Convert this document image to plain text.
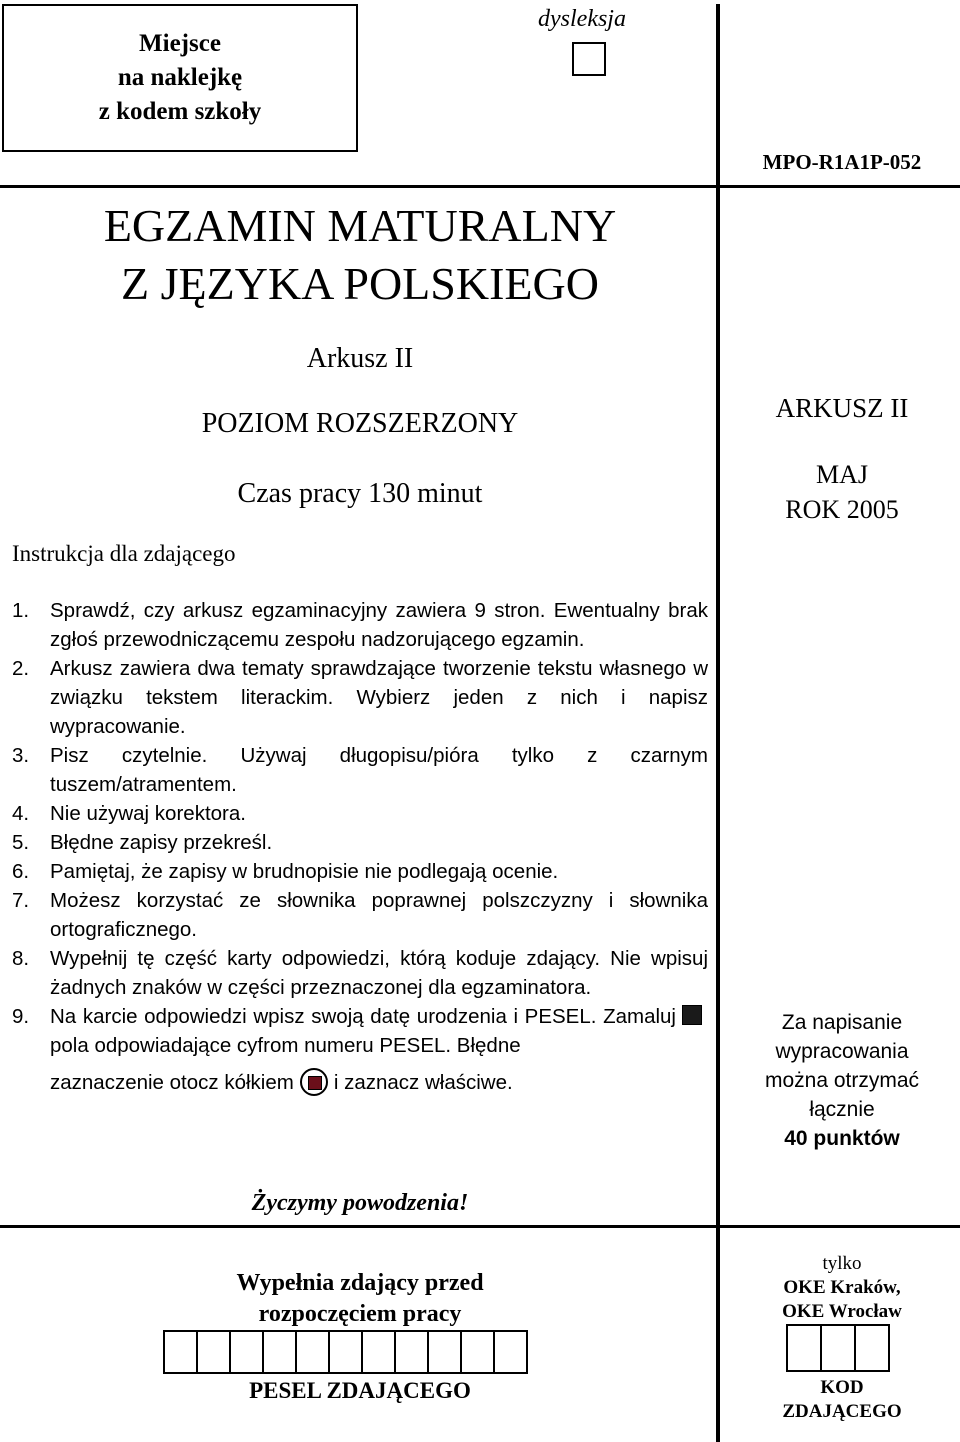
Miejsce
na naklejkę
z kodem szkoły
dysleksja
MPO-R1A1P-052
EGZAMIN MATURALNY
Z JĘZYKA POLSKIEGO
Arkusz II
POZIOM ROZSZERZONY
Czas pracy 130 minut
Instrukcja dla zdającego
ARKUSZ II
MAJ
ROK 2005
1. Sprawdź, czy arkusz egzaminacyjny zawiera 9 stron. Ewentualny brak zgłoś przewodniczącemu zespołu nadzorującego egzamin.
2. Arkusz zawiera dwa tematy sprawdzające tworzenie tekstu własnego w związku tekstem literackim. Wybierz jeden z nich i napisz wypracowanie.
3. Pisz czytelnie. Używaj długopisu/pióra tylko z czarnym tuszem/atramentem.
4. Nie używaj korektora.
5. Błędne zapisy przekreśl.
6. Pamiętaj, że zapisy w brudnopisie nie podlegają ocenie.
7. Możesz korzystać ze słownika poprawnej polszczyzny i słownika ortograficznego.
8. Wypełnij tę część karty odpowiedzi, którą koduje zdający. Nie wpisuj żadnych znaków w części przeznaczonej dla egzaminatora.
9. Na karcie odpowiedzi wpisz swoją datę urodzenia i PESEL. Zamalujpola odpowiadające cyfrom numeru PESEL. Błędne
zaznaczenie otocz kółkiem i zaznacz właściwe.
Za napisanie
wypracowania
można otrzymać
łącznie
40 punktów
Życzymy powodzenia!
Wypełnia zdający przed
rozpoczęciem pracy
PESEL ZDAJĄCEGO
tylko
OKE Kraków,
OKE Wrocław
KOD
ZDAJĄCEGO
